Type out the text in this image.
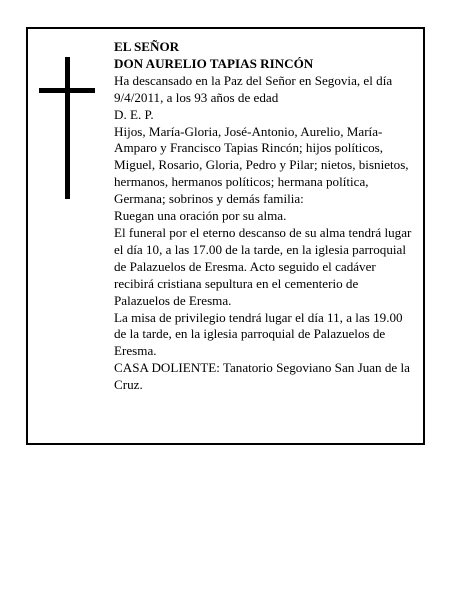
EL SEÑOR

DON AURELIO TAPIAS RINCÓN

Ha descansado en la Paz del Señor en Segovia, el día 9/4/2011, a los 93 años de edad

D. E. P.

Hijos, María-Gloria, José-Antonio, Aurelio, María-Amparo y Francisco Tapias Rincón; hijos políticos, Miguel, Rosario, Gloria, Pedro y Pilar; nietos, bisnietos, hermanos, hermanos políticos; hermana política, Germana; sobrinos y demás familia:

Ruegan una oración por su alma.

El funeral por el eterno descanso de su alma tendrá lugar el día 10, a las 17.00 de la tarde, en la iglesia parroquial de Palazuelos de Eresma. Acto seguido el cadáver recibirá cristiana sepultura en el cementerio de Palazuelos de Eresma.

La misa de privilegio tendrá lugar el día 11, a las 19.00 de la tarde, en la iglesia parroquial de Palazuelos de Eresma.

CASA DOLIENTE: Tanatorio Segoviano San Juan de la Cruz.
